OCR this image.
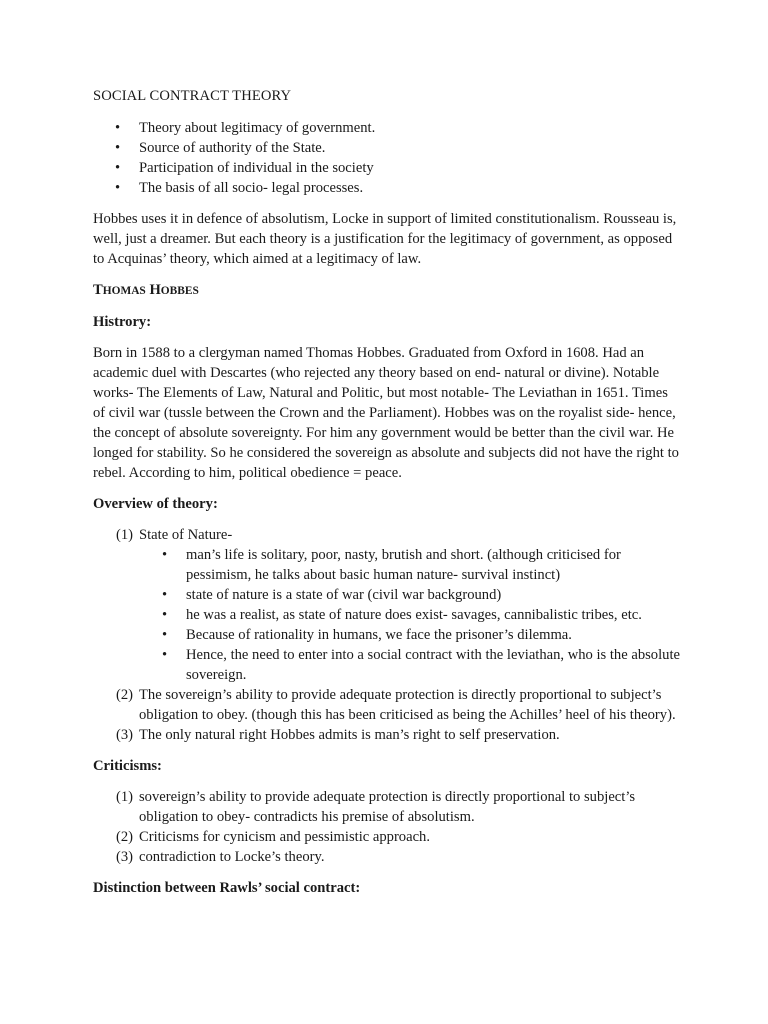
SOCIAL CONTRACT THEORY

• Theory about legitimacy of government.
• Source of authority of the State.
• Participation of individual in the society
• The basis of all socio- legal processes.

Hobbes uses it in defence of absolutism, Locke in support of limited constitutionalism. Rousseau is, well, just a dreamer. But each theory is a justification for the legitimacy of government, as opposed to Acquinas’ theory, which aimed at a legitimacy of law.

THOMAS HOBBES

Histrory:

Born in 1588 to a clergyman named Thomas Hobbes. Graduated from Oxford in 1608. Had an academic duel with Descartes (who rejected any theory based on end- natural or divine). Notable works- The Elements of Law, Natural and Politic, but most notable- The Leviathan in 1651. Times of civil war (tussle between the Crown and the Parliament). Hobbes was on the royalist side- hence, the concept of absolute sovereignty. For him any government would be better than the civil war. He longed for stability. So he considered the sovereign as absolute and subjects did not have the right to rebel. According to him, political obedience = peace.

Overview of theory:

(1) State of Nature-
• man’s life is solitary, poor, nasty, brutish and short. (although criticised for pessimism, he talks about basic human nature- survival instinct)
• state of nature is a state of war (civil war background)
• he was a realist, as state of nature does exist- savages, cannibalistic tribes, etc.
• Because of rationality in humans, we face the prisoner’s dilemma.
• Hence, the need to enter into a social contract with the leviathan, who is the absolute sovereign.
(2) The sovereign’s ability to provide adequate protection is directly proportional to subject’s obligation to obey. (though this has been criticised as being the Achilles’ heel of his theory).
(3) The only natural right Hobbes admits is man’s right to self preservation.

Criticisms:

(1) sovereign’s ability to provide adequate protection is directly proportional to subject’s obligation to obey- contradicts his premise of absolutism.
(2) Criticisms for cynicism and pessimistic approach.
(3) contradiction to Locke’s theory.

Distinction between Rawls’ social contract:
